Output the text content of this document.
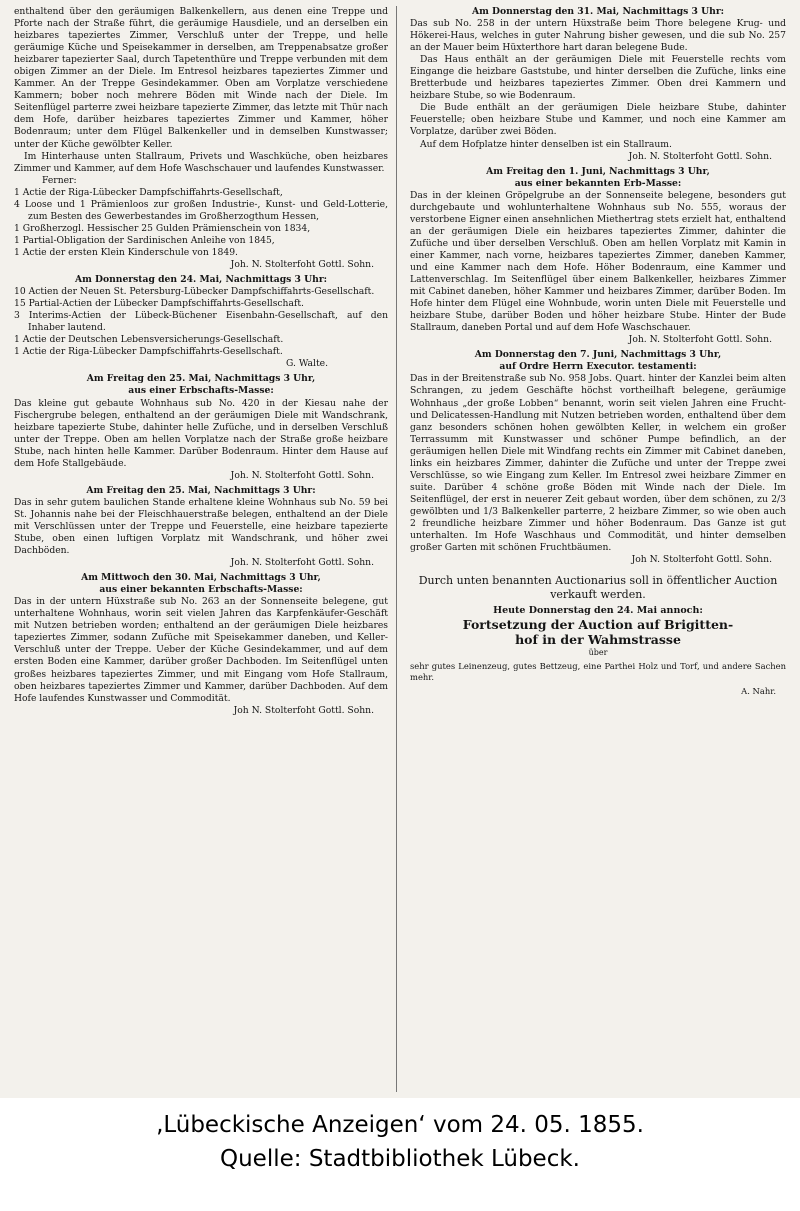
enthaltend über den geräumigen Balkenkellern, aus denen eine Treppe und Pforte nach der Straße führt, die geräumige Hausdiele, und an derselben ein heizbares tapeziertes Zimmer, Verschluß unter der Treppe, und helle geräumige Küche und Speisekammer in derselben, am Treppenabsatze großer heizbarer tapezierter Saal, durch Tapetenthüre und Treppe verbunden mit dem obigen Zimmer an der Diele. Im Entresol heizbares tapeziertes Zimmer und Kammer. An der Treppe Gesindekammer. Oben am Vorplatze verschiedene Kammern; bober noch mehrere Böden mit Winde nach der Diele. Im Seitenflügel parterre zwei heizbare tapezierte Zimmer, das letzte mit Thür nach dem Hofe, darüber heizbares tapeziertes Zimmer und Kammer, höher Bodenraum; unter dem Flügel Balkenkeller und in demselben Kunstwasser; unter der Küche gewölbter Keller.

Im Hinterhause unten Stallraum, Privets und Waschküche, oben heizbares Zimmer und Kammer, auf dem Hofe Waschschauer und laufendes Kunstwasser.

Ferner:

1 Actie der Riga-Lübecker Dampfschiffahrts-Gesellschaft,

4 Loose und 1 Prämienloos zur großen Industrie-, Kunst- und Geld-Lotterie, zum Besten des Gewerbestandes im Großherzogthum Hessen,

1 Großherzogl. Hessischer 25 Gulden Prämienschein von 1834,

1 Partial-Obligation der Sardinischen Anleihe von 1845,

1 Actie der ersten Klein Kinderschule von 1849.

Joh. N. Stolterfoht Gottl. Sohn.

Am Donnerstag den 24. Mai, Nachmittags 3 Uhr:

10 Actien der Neuen St. Petersburg-Lübecker Dampfschiffahrts-Gesellschaft.

15 Partial-Actien der Lübecker Dampfschiffahrts-Gesellschaft.

3 Interims-Actien der Lübeck-Büchener Eisenbahn-Gesellschaft, auf den Inhaber lautend.

1 Actie der Deutschen Lebensversicherungs-Gesellschaft.

1 Actie der Riga-Lübecker Dampfschiffahrts-Gesellschaft.

G. Walte.

Am Freitag den 25. Mai, Nachmittags 3 Uhr,

aus einer Erbschafts-Masse:

Das kleine gut gebaute Wohnhaus sub No. 420 in der Kiesau nahe der Fischergrube belegen, enthaltend an der geräumigen Diele mit Wandschrank, heizbare tapezierte Stube, dahinter helle Zufüche, und in derselben Verschluß unter der Treppe. Oben am hellen Vorplatze nach der Straße große heizbare Stube, nach hinten helle Kammer. Darüber Bodenraum. Hinter dem Hause auf dem Hofe Stallgebäude.

Joh. N. Stolterfoht Gottl. Sohn.

Am Freitag den 25. Mai, Nachmittags 3 Uhr:

Das in sehr gutem baulichen Stande erhaltene kleine Wohnhaus sub No. 59 bei St. Johannis nahe bei der Fleischhauerstraße belegen, enthaltend an der Diele mit Verschlüssen unter der Treppe und Feuerstelle, eine heizbare tapezierte Stube, oben einen luftigen Vorplatz mit Wandschrank, und höher zwei Dachböden.

Joh. N. Stolterfoht Gottl. Sohn.

Am Mittwoch den 30. Mai, Nachmittags 3 Uhr,

aus einer bekannten Erbschafts-Masse:

Das in der untern Hüxstraße sub No. 263 an der Sonnenseite belegene, gut unterhaltene Wohnhaus, worin seit vielen Jahren das Karpfenkäufer-Geschäft mit Nutzen betrieben worden; enthaltend an der geräumigen Diele heizbares tapeziertes Zimmer, sodann Zufüche mit Speisekammer daneben, und Keller-Verschluß unter der Treppe. Ueber der Küche Gesindekammer, und auf dem ersten Boden eine Kammer, darüber großer Dachboden. Im Seitenflügel unten großes heizbares tapeziertes Zimmer, und mit Eingang vom Hofe Stallraum, oben heizbares tapeziertes Zimmer und Kammer, darüber Dachboden. Auf dem Hofe laufendes Kunstwasser und Commodität.

Joh N. Stolterfoht Gottl. Sohn.

Am Donnerstag den 31. Mai, Nachmittags 3 Uhr:

Das sub No. 258 in der untern Hüxstraße beim Thore belegene Krug- und Hökerei-Haus, welches in guter Nahrung bisher gewesen, und die sub No. 257 an der Mauer beim Hüxterthore hart daran belegene Bude.

Das Haus enthält an der geräumigen Diele mit Feuerstelle rechts vom Eingange die heizbare Gaststube, und hinter derselben die Zufüche, links eine Bretterbude und heizbares tapeziertes Zimmer. Oben drei Kammern und heizbare Stube, so wie Bodenraum.

Die Bude enthält an der geräumigen Diele heizbare Stube, dahinter Feuerstelle; oben heizbare Stube und Kammer, und noch eine Kammer am Vorplatze, darüber zwei Böden.

Auf dem Hofplatze hinter denselben ist ein Stallraum.

Joh. N. Stolterfoht Gottl. Sohn.

Am Freitag den 1. Juni, Nachmittags 3 Uhr,

aus einer bekannten Erb-Masse:

Das in der kleinen Gröpelgrube an der Sonnenseite belegene, besonders gut durchgebaute und wohlunterhaltene Wohnhaus sub No. 555, woraus der verstorbene Eigner einen ansehnlichen Miethertrag stets erzielt hat, enthaltend an der geräumigen Diele ein heizbares tapeziertes Zimmer, dahinter die Zufüche und über derselben Verschluß. Oben am hellen Vorplatz mit Kamin in einer Kammer, nach vorne, heizbares tapeziertes Zimmer, daneben Kammer, und eine Kammer nach dem Hofe. Höher Bodenraum, eine Kammer und Lattenverschlag. Im Seitenflügel über einem Balkenkeller, heizbares Zimmer mit Cabinet daneben, höher Kammer und heizbares Zimmer, darüber Boden. Im Hofe hinter dem Flügel eine Wohnbude, worin unten Diele mit Feuerstelle und heizbare Stube, darüber Boden und höher heizbare Stube. Hinter der Bude Stallraum, daneben Portal und auf dem Hofe Waschschauer.

Joh. N. Stolterfoht Gottl. Sohn.

Am Donnerstag den 7. Juni, Nachmittags 3 Uhr,

auf Ordre Herrn Executor. testamenti:

Das in der Breitenstraße sub No. 958 Jobs. Quart. hinter der Kanzlei beim alten Schrangen, zu jedem Geschäfte höchst vortheilhaft belegene, geräumige Wohnhaus „der große Lobben“ benannt, worin seit vielen Jahren eine Frucht- und Delicatessen-Handlung mit Nutzen betrieben worden, enthaltend über dem ganz besonders schönen hohen gewölbten Keller, in welchem ein großer Terrassumm mit Kunstwasser und schöner Pumpe befindlich, an der geräumigen hellen Diele mit Windfang rechts ein Zimmer mit Cabinet daneben, links ein heizbares Zimmer, dahinter die Zufüche und unter der Treppe zwei Verschlüsse, so wie Eingang zum Keller. Im Entresol zwei heizbare Zimmer en suite. Darüber 4 schöne große Böden mit Winde nach der Diele. Im Seitenflügel, der erst in neuerer Zeit gebaut worden, über dem schönen, zu 2/3 gewölbten und 1/3 Balkenkeller parterre, 2 heizbare Zimmer, so wie oben auch 2 freundliche heizbare Zimmer und höher Bodenraum. Das Ganze ist gut unterhalten. Im Hofe Waschhaus und Commodität, und hinter demselben großer Garten mit schönen Fruchtbäumen.

Joh N. Stolterfoht Gottl. Sohn.

Durch unten benannten Auctionarius soll in öffentlicher Auction verkauft werden.

Heute Donnerstag den 24. Mai annoch:

Fortsetzung der Auction auf Brigitten-

hof in der Wahmstrasse

über

sehr gutes Leinenzeug, gutes Bettzeug, eine Parthei Holz und Torf, und andere Sachen mehr.

A. Nahr.

‚Lübeckische Anzeigen‘ vom 24. 05. 1855.
Quelle: Stadtbibliothek Lübeck.
